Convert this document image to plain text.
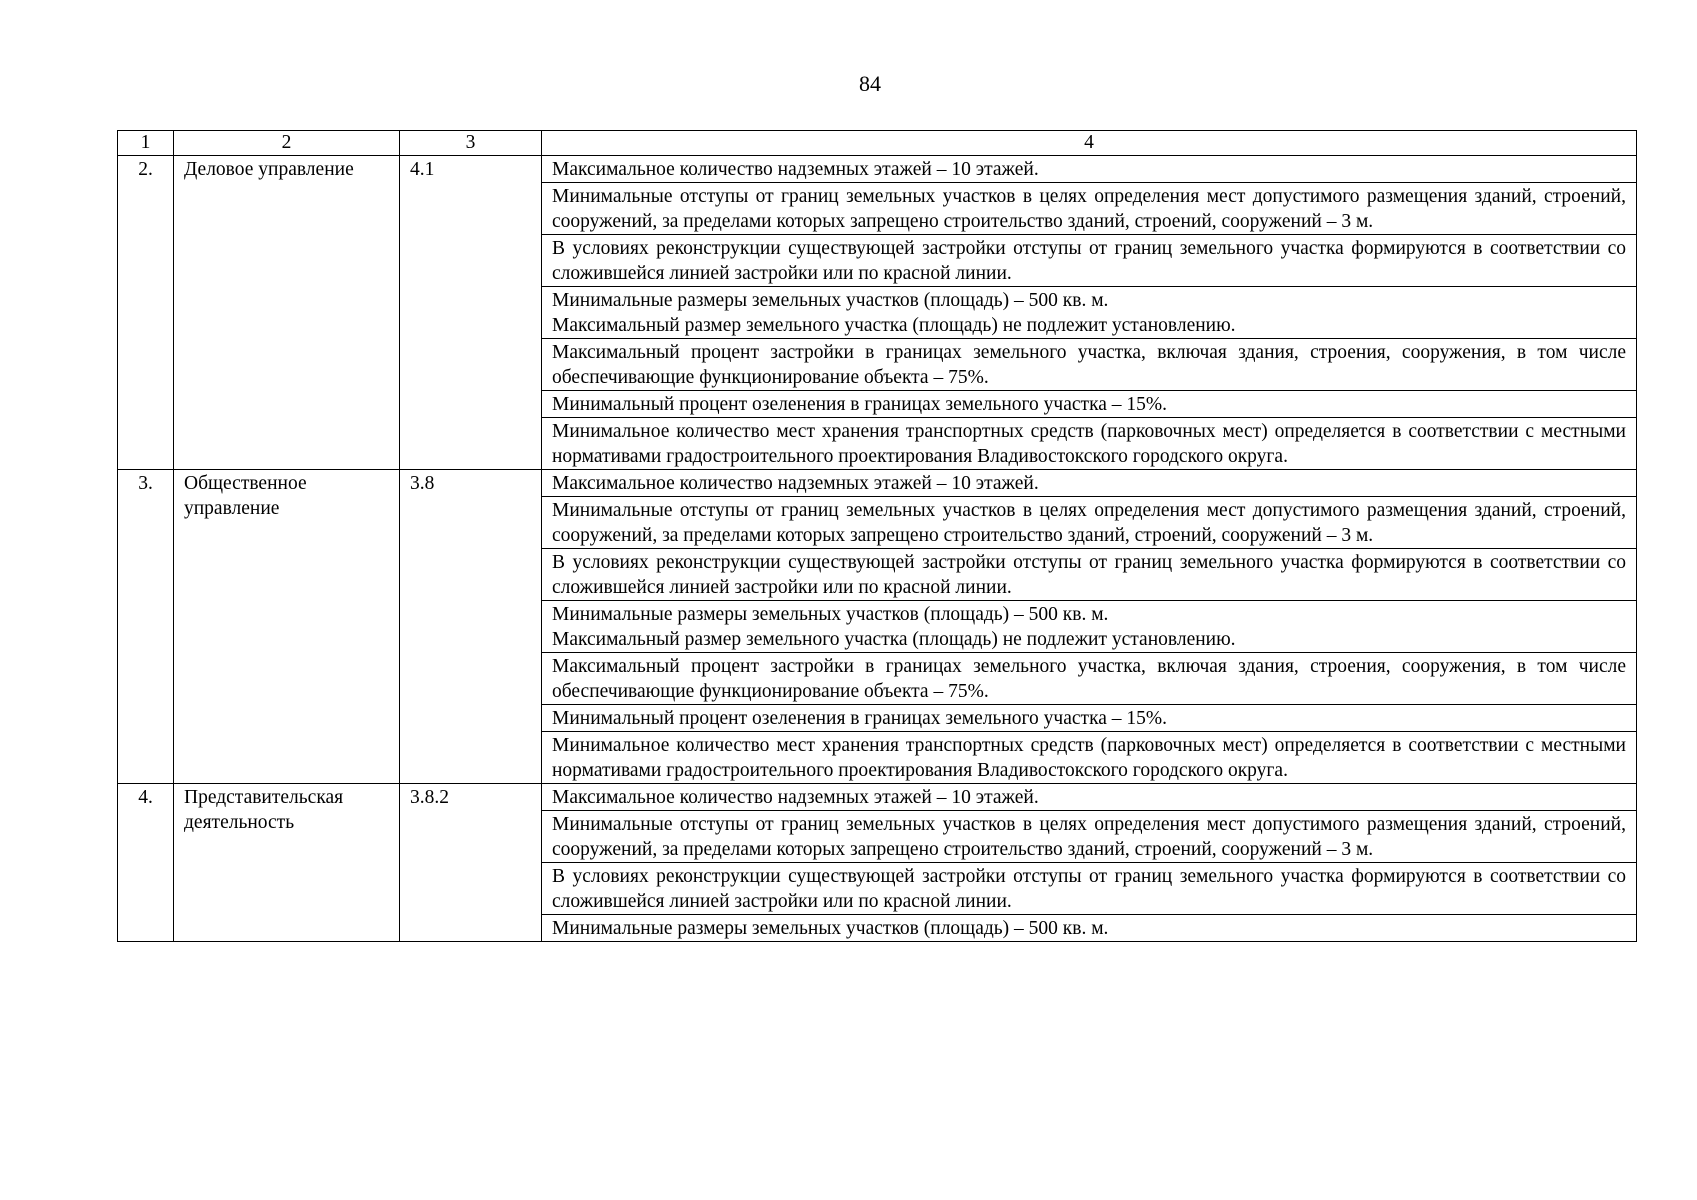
84
1	2	3	4
2.	Деловое управление	4.1	Максимальное количество надземных этажей – 10 этажей.
			Минимальные отступы от границ земельных участков в целях определения мест допустимого размещения зданий, строений, сооружений, за пределами которых запрещено строительство зданий, строений, сооружений – 3 м.
			В условиях реконструкции существующей застройки отступы от границ земельного участка формируются в соответствии со сложившейся линией застройки или по красной линии.
			Минимальные размеры земельных участков (площадь) – 500 кв. м.
Максимальный размер земельного участка (площадь) не подлежит установлению.
			Максимальный процент застройки в границах земельного участка, включая здания, строения, сооружения, в том числе обеспечивающие функционирование объекта – 75%.
			Минимальный процент озеленения в границах земельного участка – 15%.
			Минимальное количество мест хранения транспортных средств (парковочных мест) определяется в соответствии с местными нормативами градостроительного проектирования Владивостокского городского округа.
3.	Общественное управление	3.8	Максимальное количество надземных этажей – 10 этажей.
			Минимальные отступы от границ земельных участков в целях определения мест допустимого размещения зданий, строений, сооружений, за пределами которых запрещено строительство зданий, строений, сооружений – 3 м.
			В условиях реконструкции существующей застройки отступы от границ земельного участка формируются в соответствии со сложившейся линией застройки или по красной линии.
			Минимальные размеры земельных участков (площадь) – 500 кв. м.
Максимальный размер земельного участка (площадь) не подлежит установлению.
			Максимальный процент застройки в границах земельного участка, включая здания, строения, сооружения, в том числе обеспечивающие функционирование объекта – 75%.
			Минимальный процент озеленения в границах земельного участка – 15%.
			Минимальное количество мест хранения транспортных средств (парковочных мест) определяется в соответствии с местными нормативами градостроительного проектирования Владивостокского городского округа.
4.	Представительская деятельность	3.8.2	Максимальное количество надземных этажей – 10 этажей.
			Минимальные отступы от границ земельных участков в целях определения мест допустимого размещения зданий, строений, сооружений, за пределами которых запрещено строительство зданий, строений, сооружений – 3 м.
			В условиях реконструкции существующей застройки отступы от границ земельного участка формируются в соответствии со сложившейся линией застройки или по красной линии.
			Минимальные размеры земельных участков (площадь) – 500 кв. м.
